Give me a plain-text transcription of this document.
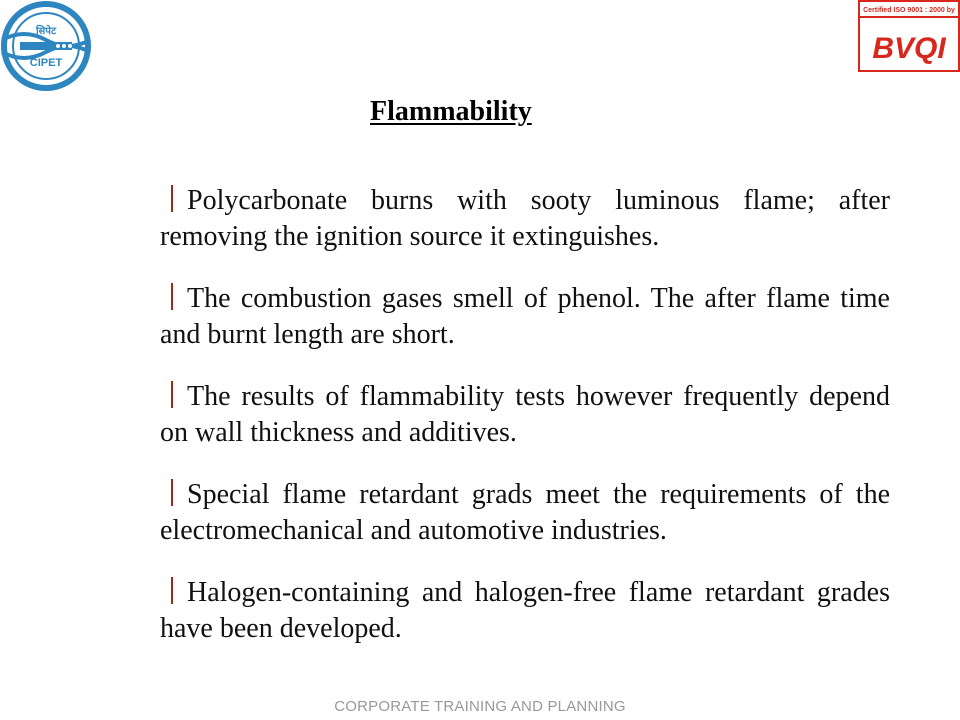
सिपेट
CIPET
Certified ISO 9001 : 2000 by
BVQI
Flammability
Polycarbonate burns with sooty luminous flame; after removing the ignition source it extinguishes.
The combustion gases smell of phenol. The after flame time and burnt length are short.
The results of flammability tests however frequently depend on wall thickness and additives.
Special flame retardant grads meet the requirements of the electromechanical and automotive industries.
Halogen-containing and halogen-free flame retardant grades have been developed.
CORPORATE TRAINING AND PLANNING
